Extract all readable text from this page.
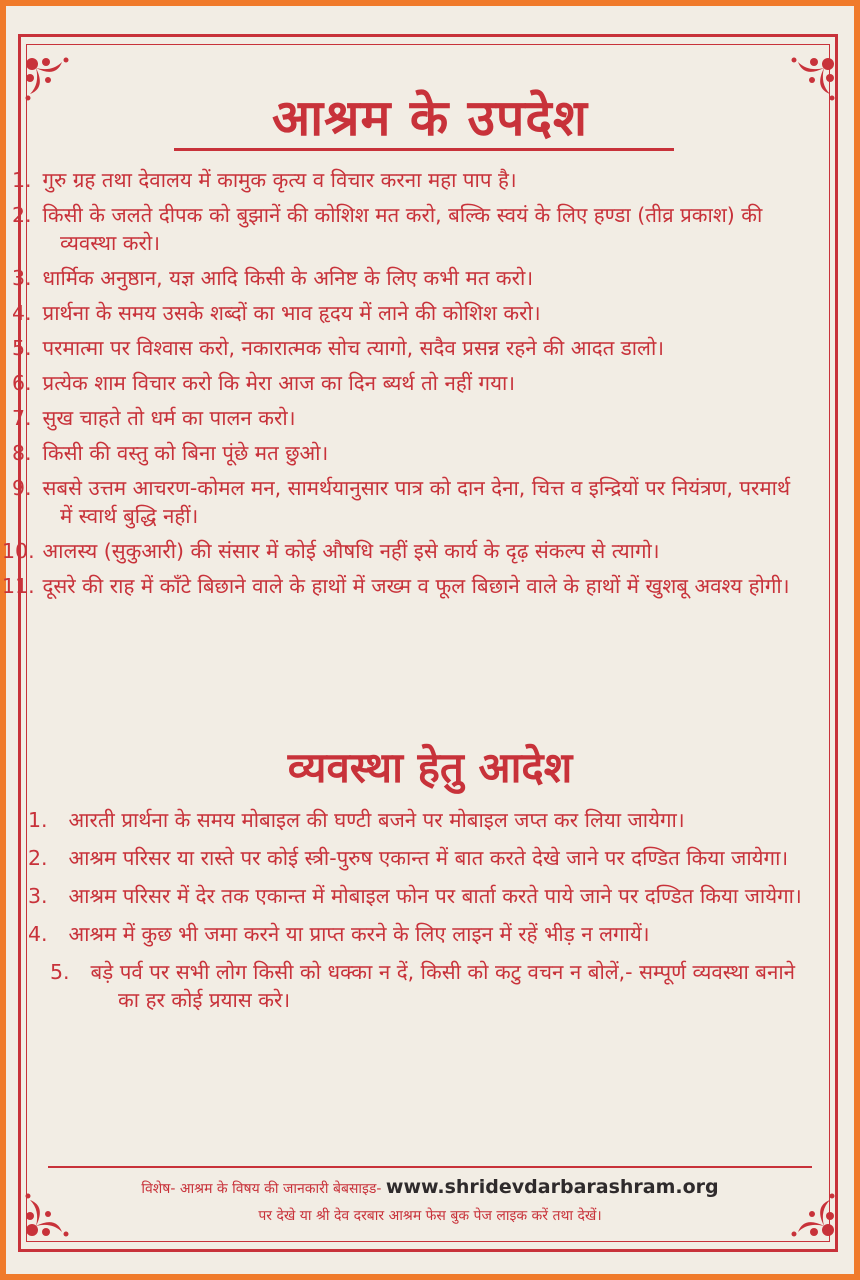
आश्रम के उपदेश
1. गुरु ग्रह तथा देवालय में कामुक कृत्य व विचार करना महा पाप है।
2. किसी के जलते दीपक को बुझानें की कोशिश मत करो, बल्कि स्वयं के लिए हण्डा (तीव्र प्रकाश) की व्यवस्था करो।
3. धार्मिक अनुष्ठान, यज्ञ आदि किसी के अनिष्ट के लिए कभी मत करो।
4. प्रार्थना के समय उसके शब्दों का भाव हृदय में लाने की कोशिश करो।
5. परमात्मा पर विश्वास करो, नकारात्मक सोच त्यागो, सदैव प्रसन्न रहने की आदत डालो।
6. प्रत्येक शाम विचार करो कि मेरा आज का दिन ब्यर्थ तो नहीं गया।
7. सुख चाहते तो धर्म का पालन करो।
8. किसी की वस्तु को बिना पूंछे मत छुओ।
9. सबसे उत्तम आचरण-कोमल मन, सामर्थयानुसार पात्र को दान देना, चित्त व इन्द्रियों पर नियंत्रण, परमार्थ में स्वार्थ बुद्धि नहीं।
10. आलस्य (सुकुआरी) की संसार में कोई औषधि नहीं इसे कार्य के दृढ़ संकल्प से त्यागो।
11. दूसरे की राह में काँटे बिछाने वाले के हाथों में जख्म व फूल बिछाने वाले के हाथों में खुशबू अवश्य होगी।
व्यवस्था हेतु आदेश
1. आरती प्रार्थना के समय मोबाइल की घण्टी बजने पर मोबाइल जप्त कर लिया जायेगा।
2. आश्रम परिसर या रास्ते पर कोई स्त्री-पुरुष एकान्त में बात करते देखे जाने पर दण्डित किया जायेगा।
3. आश्रम परिसर में देर तक एकान्त में मोबाइल फोन पर बार्ता करते पाये जाने पर दण्डित किया जायेगा।
4. आश्रम में कुछ भी जमा करने या प्राप्त करने के लिए लाइन में रहें भीड़ न लगायें।
5. बड़े पर्व पर सभी लोग किसी को धक्का न दें, किसी को कटु वचन न बोलें,- सम्पूर्ण व्यवस्था बनाने का हर कोई प्रयास करे।
विशेष- आश्रम के विषय की जानकारी बेबसाइड- www.shridevdarbarashram.org
पर देखे या श्री देव दरबार आश्रम फेस बुक पेज लाइक करें तथा देखें।
